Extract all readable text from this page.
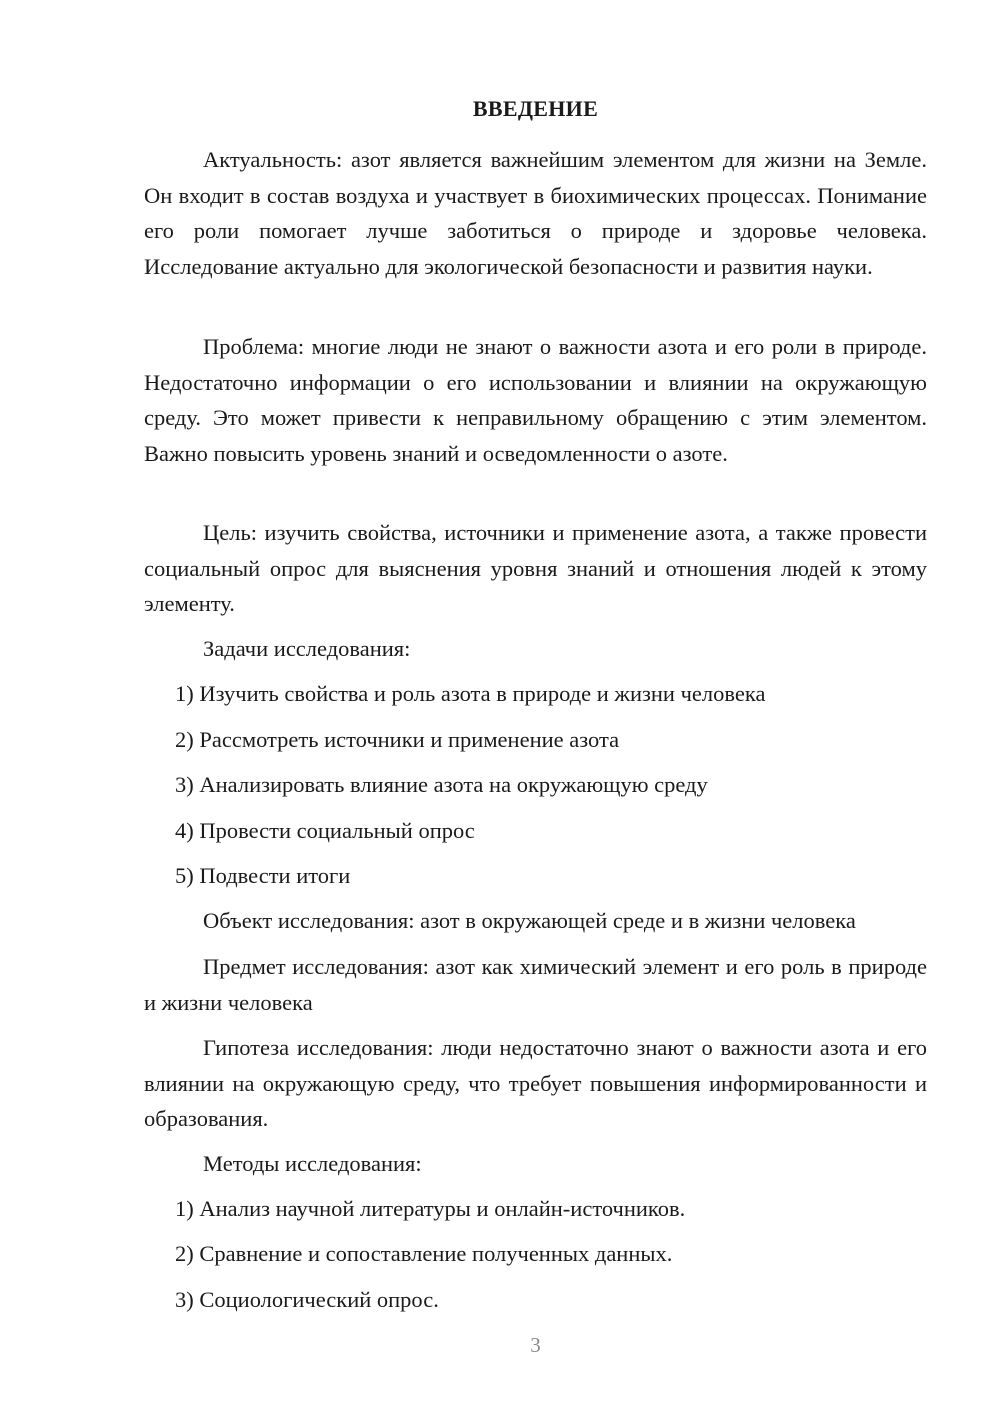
ВВЕДЕНИЕ

Актуальность: азот является важнейшим элементом для жизни на Земле. Он входит в состав воздуха и участвует в биохимических процессах. Понимание его роли помогает лучше заботиться о природе и здоровье человека. Исследование актуально для экологической безопасности и развития науки.

Проблема: многие люди не знают о важности азота и его роли в природе. Недостаточно информации о его использовании и влиянии на окружающую среду. Это может привести к неправильному обращению с этим элементом. Важно повысить уровень знаний и осведомленности о азоте.

Цель: изучить свойства, источники и применение азота, а также провести социальный опрос для выяснения уровня знаний и отношения людей к этому элементу.

Задачи исследования:

1) Изучить свойства и роль азота в природе и жизни человека

2) Рассмотреть источники и применение азота

3) Анализировать влияние азота на окружающую среду

4) Провести социальный опрос

5) Подвести итоги

Объект исследования: азот в окружающей среде и в жизни человека

Предмет исследования: азот как химический элемент и его роль в природе и жизни человека

Гипотеза исследования: люди недостаточно знают о важности азота и его влиянии на окружающую среду, что требует повышения информированности и образования.

Методы исследования:

1) Анализ научной литературы и онлайн-источников.

2) Сравнение и сопоставление полученных данных.

3) Социологический опрос.

3
